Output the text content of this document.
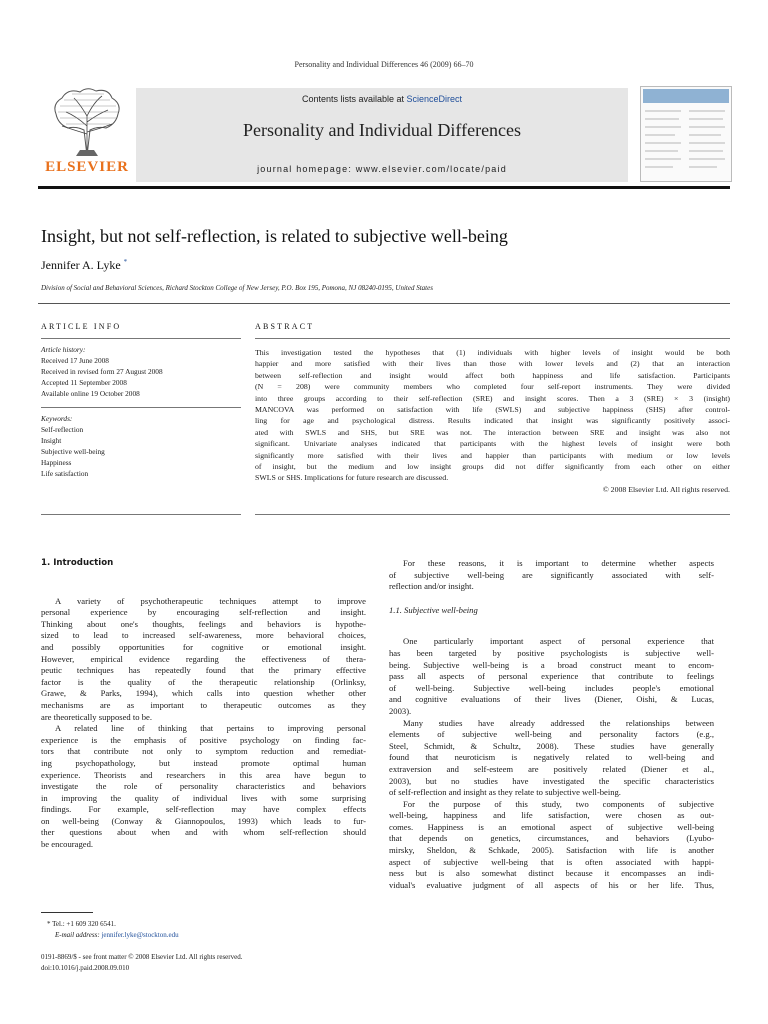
Personality and Individual Differences 46 (2009) 66–70
ELSEVIER
Contents lists available at ScienceDirect
Personality and Individual Differences
journal homepage: www.elsevier.com/locate/paid
Insight, but not self-reflection, is related to subjective well-being
Jennifer A. Lyke *
Division of Social and Behavioral Sciences, Richard Stockton College of New Jersey, P.O. Box 195, Pomona, NJ 08240-0195, United States
ARTICLE INFO	ABSTRACT
Article history:
Received 17 June 2008
Received in revised form 27 August 2008
Accepted 11 September 2008
Available online 19 October 2008
Keywords:
Self-reflection
Insight
Subjective well-being
Happiness
Life satisfaction
This investigation tested the hypotheses that (1) individuals with higher levels of insight would be both
happier and more satisfied with their lives than those with lower levels and (2) that an interaction
between self-reflection and insight would affect both happiness and life satisfaction. Participants
(N = 208) were community members who completed four self-report instruments. They were divided
into three groups according to their self-reflection (SRE) and insight scores. Then a 3 (SRE) × 3 (insight)
MANCOVA was performed on satisfaction with life (SWLS) and subjective happiness (SHS) after control-
ling for age and psychological distress. Results indicated that insight was significantly positively associ-
ated with SWLS and SHS, but SRE was not. The interaction between SRE and insight was also not
significant. Univariate analyses indicated that participants with the highest levels of insight were both
significantly more satisfied with their lives and happier than participants with medium or low levels
of insight, but the medium and low insight groups did not differ significantly from each other on either
SWLS or SHS. Implications for future research are discussed.
© 2008 Elsevier Ltd. All rights reserved.
1. Introduction
A variety of psychotherapeutic techniques attempt to improve
personal experience by encouraging self-reflection and insight.
Thinking about one's thoughts, feelings and behaviors is hypothe-
sized to lead to increased self-awareness, more behavioral choices,
and possibly opportunities for cognitive or emotional insight.
However, empirical evidence regarding the effectiveness of thera-
peutic techniques has repeatedly found that the primary effective
factor is the quality of the therapeutic relationship (Orlinksy,
Grawe, & Parks, 1994), which calls into question whether other
mechanisms are as important to therapeutic outcomes as they
are theoretically supposed to be.
A related line of thinking that pertains to improving personal
experience is the emphasis of positive psychology on finding fac-
tors that contribute not only to symptom reduction and remediat-
ing psychopathology, but instead promote optimal human
experience. Theorists and researchers in this area have begun to
investigate the role of personality characteristics and behaviors
in improving the quality of individual lives with some surprising
findings. For example, self-reflection may have complex effects
on well-being (Conway & Giannopoulos, 1993) which leads to fur-
ther questions about when and with whom self-reflection should
be encouraged.
For these reasons, it is important to determine whether aspects
of subjective well-being are significantly associated with self-
reflection and/or insight.
1.1. Subjective well-being
One particularly important aspect of personal experience that
has been targeted by positive psychologists is subjective well-
being. Subjective well-being is a broad construct meant to encom-
pass all aspects of personal experience that contribute to feelings
of well-being. Subjective well-being includes people's emotional
and cognitive evaluations of their lives (Diener, Oishi, & Lucas,
2003).
Many studies have already addressed the relationships between
elements of subjective well-being and personality factors (e.g.,
Steel, Schmidt, & Schultz, 2008). These studies have generally
found that neuroticism is negatively related to well-being and
extraversion and self-esteem are positively related (Diener et al.,
2003), but no studies have investigated the specific characteristics
of self-reflection and insight as they relate to subjective well-being.
For the purpose of this study, two components of subjective
well-being, happiness and life satisfaction, were chosen as out-
comes. Happiness is an emotional aspect of subjective well-being
that depends on genetics, circumstances, and behaviors (Lyubo-
mirsky, Sheldon, & Schkade, 2005). Satisfaction with life is another
aspect of subjective well-being that is often associated with happi-
ness but is also somewhat distinct because it encompasses an indi-
vidual's evaluative judgment of all aspects of his or her life. Thus,
* Tel.: +1 609 320 6541.
E-mail address: jennifer.lyke@stockton.edu
0191-8869/$ - see front matter © 2008 Elsevier Ltd. All rights reserved.
doi:10.1016/j.paid.2008.09.010
